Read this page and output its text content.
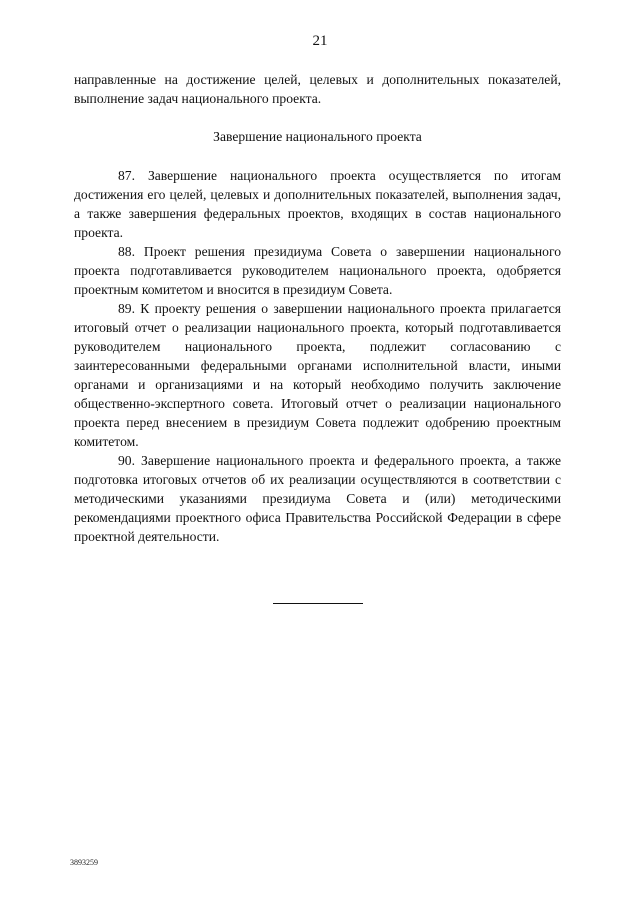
21

направленные на достижение целей, целевых и дополнительных показателей, выполнение задач национального проекта.

Завершение национального проекта

87. Завершение национального проекта осуществляется по итогам достижения его целей, целевых и дополнительных показателей, выполнения задач, а также завершения федеральных проектов, входящих в состав национального проекта.

88. Проект решения президиума Совета о завершении национального проекта подготавливается руководителем национального проекта, одобряется проектным комитетом и вносится в президиум Совета.

89. К проекту решения о завершении национального проекта прилагается итоговый отчет о реализации национального проекта, который подготавливается руководителем национального проекта, подлежит согласованию с заинтересованными федеральными органами исполнительной власти, иными органами и организациями и на который необходимо получить заключение общественно-экспертного совета. Итоговый отчет о реализации национального проекта перед внесением в президиум Совета подлежит одобрению проектным комитетом.

90. Завершение национального проекта и федерального проекта, а также подготовка итоговых отчетов об их реализации осуществляются в соответствии с методическими указаниями президиума Совета и (или) методическими рекомендациями проектного офиса Правительства Российской Федерации в сфере проектной деятельности.

3893259
